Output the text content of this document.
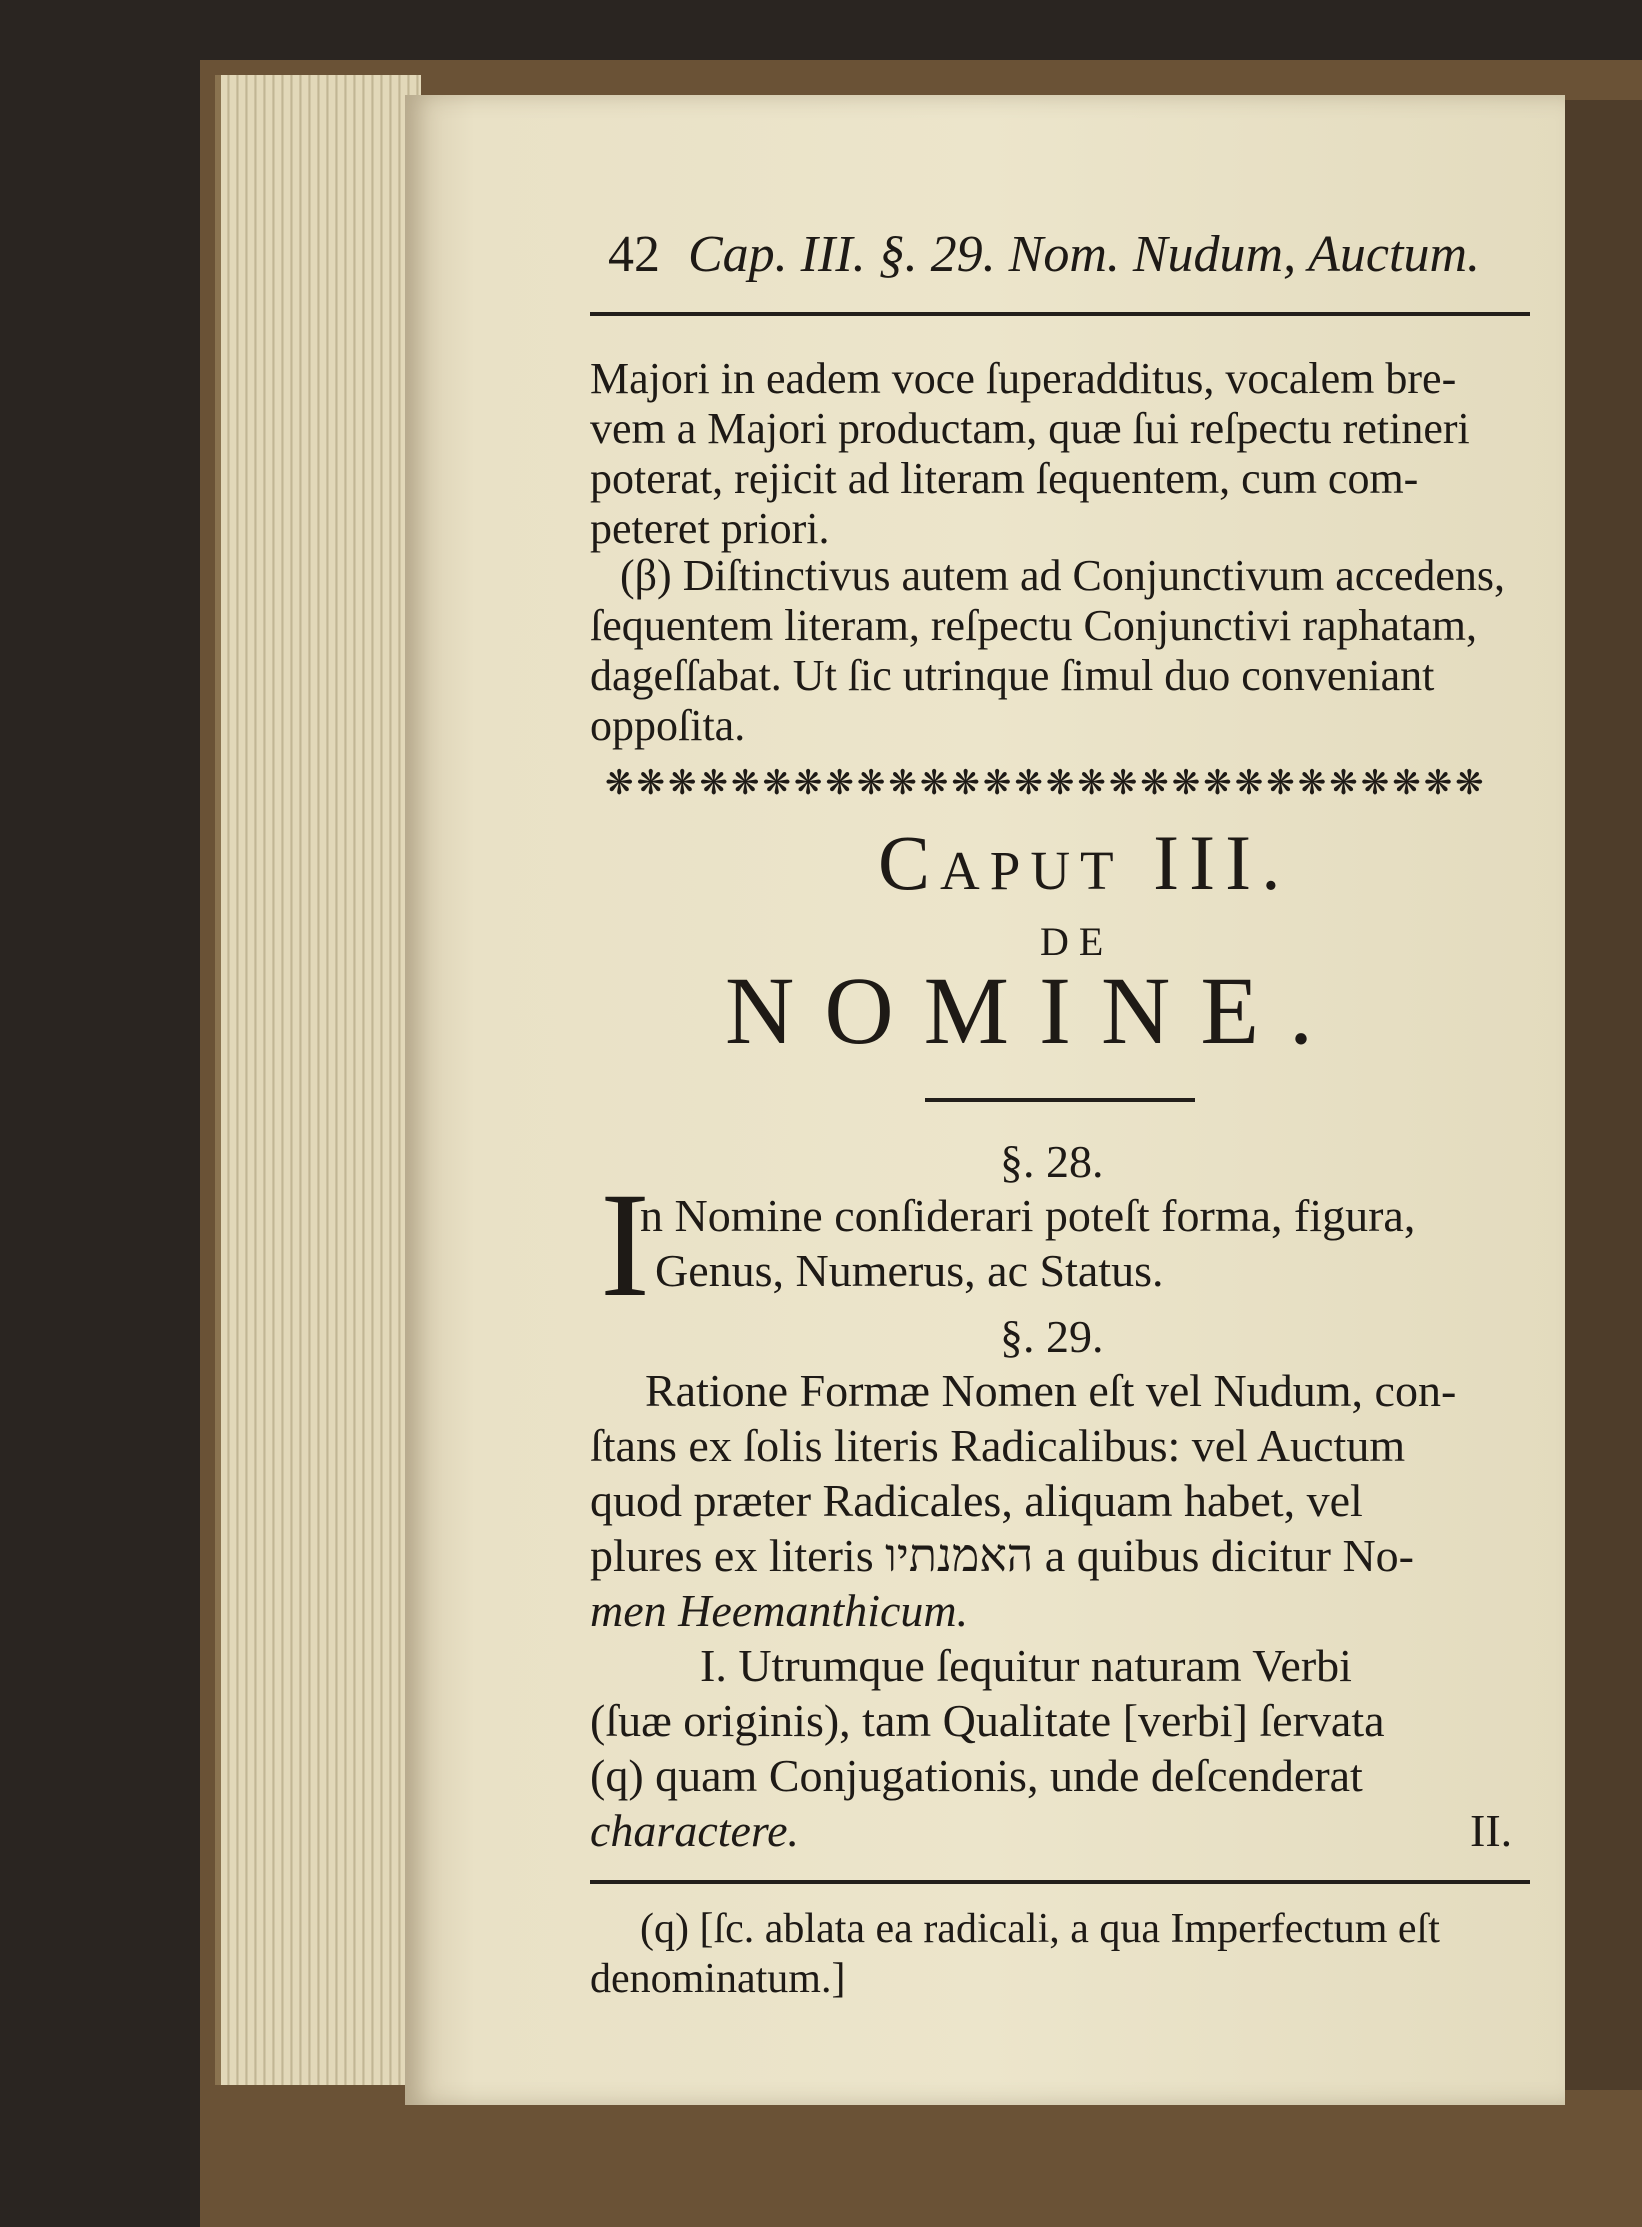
42 Cap. III. §. 29. Nom. Nudum, Auctum.
Majori in eadem voce ſuperadditus, vocalem bre-
vem a Majori productam, quæ ſui reſpectu retineri
poterat, rejicit ad literam ſequentem, cum com-
peteret priori.
(β) Diſtinctivus autem ad Conjunctivum accedens,
ſequentem literam, reſpectu Conjunctivi raphatam,
dageſſabat. Ut ſic utrinque ſimul duo conveniant
oppoſita.
❋❋❋❋❋❋❋❋❋❋❋❋❋❋❋❋❋❋❋❋❋❋❋❋❋❋❋❋
Caput III.
DE
NOMINE.
§. 28.
I
n Nomine conſiderari poteſt forma, figura,
Genus, Numerus, ac Status.
§. 29.
Ratione Formæ Nomen eſt vel Nudum, con-
ſtans ex ſolis literis Radicalibus: vel Auctum
quod præter Radicales, aliquam habet, vel
plures ex literis האמנתיו a quibus dicitur No-
men Heemanthicum.
I. Utrumque ſequitur naturam Verbi
(ſuæ originis), tam Qualitate [verbi] ſervata
(q) quam Conjugationis, unde deſcenderat
charactere.	II.
(q) [ſc. ablata ea radicali, a qua Imperfectum eſt
denominatum.]
